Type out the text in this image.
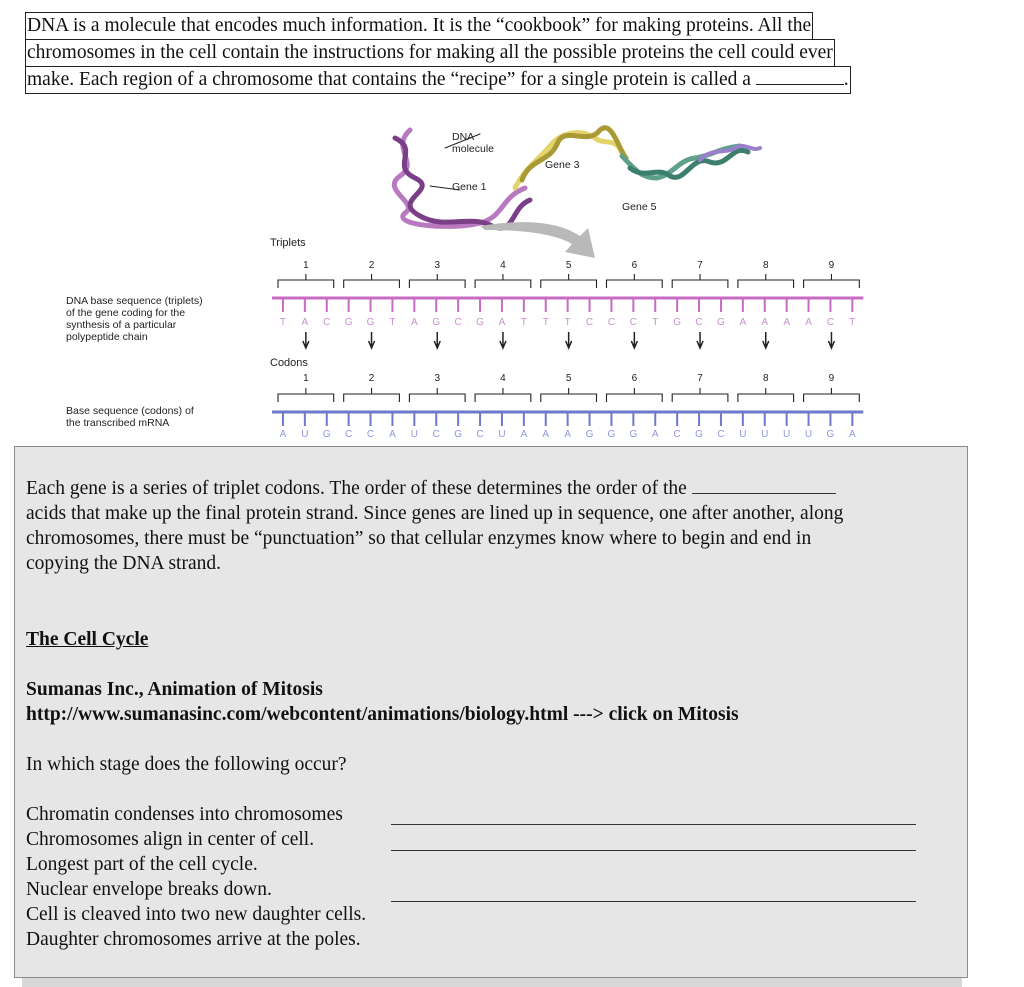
DNA is a molecule that encodes much information. It is the “cookbook” for making proteins. All the
chromosomes in the cell contain the instructions for making all the possible proteins the cell could ever
make. Each region of a chromosome that contains the “recipe” for a single protein is called a	.
DNA
molecule
Gene 1
Gene 3
Gene 5
Triplets
Codons
DNA base sequence (triplets)
of the gene coding for the
synthesis of a particular
polypeptide chain
Base sequence (codons) of
the transcribed mRNA
1	2	3	4	5	6	7	8	9
T A C G G T A G C G A T T T C C C T G C G A A A A C T
1	2	3	4	5	6	7	8	9
A U G C C A U C G C U A A A G G G A C G C U U U U G A
Each gene is a series of triplet codons. The order of these determines the order of the
acids that make up the final protein strand. Since genes are lined up in sequence, one after another, along
chromosomes, there must be “punctuation” so that cellular enzymes know where to begin and end in
copying the DNA strand.
The Cell Cycle
Sumanas Inc., Animation of Mitosis
http://www.sumanasinc.com/webcontent/animations/biology.html ---> click on Mitosis
In which stage does the following occur?
Chromatin condenses into chromosomes
Chromosomes align in center of cell.
Longest part of the cell cycle.
Nuclear envelope breaks down.
Cell is cleaved into two new daughter cells.
Daughter chromosomes arrive at the poles.
